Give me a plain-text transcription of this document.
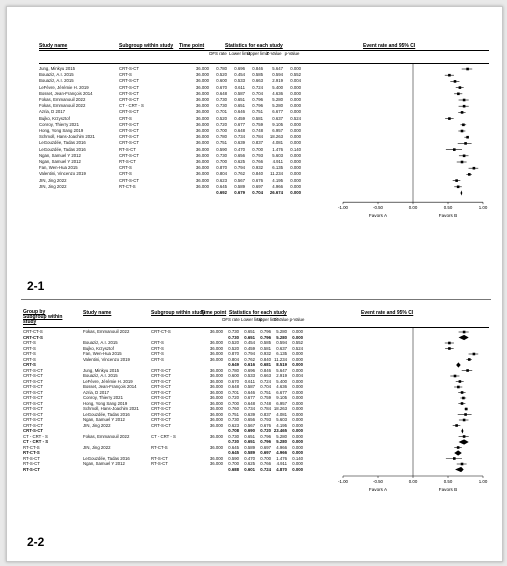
Study name	Subgroup within study Time point	Statistics for each study	Event rate and 95% CI
DFS rate Lower limit
Upper limit
Z-Value p-Value
Jung, Minkyu 2015	CRT-S-CT	36.000	0.780	0.696	0.846	5.647	0.000
Bouaziz, A.I. 2015	CRT-S	36.000	0.520	0.454	0.585	0.594	0.552
Bouaziz, A.I. 2015	CRT-S-CT	36.000	0.600	0.533	0.663	2.919	0.004
LeFèvre, Jérémie H. 2019	CRT-S-CT	36.000	0.670	0.611	0.724	5.400	0.000
Bosset, Jean-François 2014	CRT-S-CT	36.000	0.648	0.587	0.704	4.636	0.000
Fokas, Emmanouil 2022	CRT-S-CT	36.000	0.730	0.651	0.796	5.280	0.000
Fokas, Emmanouil 2022	CT - CRT - S	36.000	0.730	0.651	0.796	5.280	0.000
Azria, D 2017	CRT-S-CT	36.000	0.701	0.646	0.751	6.677	0.000
Bujko, Krzysztof	CRT-S	36.000	0.520	0.459	0.581	0.637	0.524
Conroy, Thierry 2021	CRT-S-CT	36.000	0.720	0.677	0.759	9.105	0.000
Hong, Yong Sang 2019	CRT-S-CT	36.000	0.700	0.648	0.748	6.957	0.000
Schmoll, Hans-Joachim 2021	CRT-S-CT	36.000	0.780	0.734	0.784	18.263	0.000
LeGouzdée, Tadas 2016	CRT-S-CT	36.000	0.751	0.639	0.837	4.081	0.000
LeGouzdée, Tadas 2016	RT-S-CT	36.000	0.590	0.470	0.700	1.476	0.140
Ngan, Samuel Y 2012	CRT-S-CT	36.000	0.730	0.656	0.793	5.603	0.000
Ngan, Samuel Y 2012	RT-S-CT	36.000	0.700	0.625	0.766	4.911	0.000
Fan, Wen-Hua 2015	CRT-S	36.000	0.870	0.794	0.932	6.135	0.000
Valentini, Vincenzo 2019	CRT-S	36.000	0.804	0.762	0.840	11.234	0.000
JIN, Jing 2022	CRT-S-CT	36.000	0.623	0.567	0.676	4.195	0.000
JIN, Jing 2022	RT-CT-S	36.000	0.645	0.589	0.697	4.966	0.000
0.692	0.679	0.704	26.674	0.000
-1.00	-0.50	0.00	0.50	1.00
Favors A	Favors B
2-1
Group by Subgroup within study
Study name	Subgroup within study
Time point Statistics for each study	Event rate and 95% CI
DFS rate Lower limit
Upper limit
Z-Value p-Value
CRT-CT-S	Fokas, Emmanouil 2022	CRT-CT-S	36.000	0.730	0.651	0.796	5.280	0.000
CRT-CT-S	0.730	0.651	0.796	5.280	0.000
CRT-S	Bouaziz, A.I. 2015	CRT-S	36.000	0.520	0.454	0.585	0.594	0.552
CRT-S	Bujko, Krzysztof	CRT-S	36.000	0.520	0.459	0.581	0.637	0.524
CRT-S	Fan, Wen-Hua 2015	CRT-S	36.000	0.870	0.794	0.932	6.135	0.000
CRT-S	Valentini, Vincenzo 2019	CRT-S	36.000	0.804	0.762	0.840 11.234	0.000
CRT-S	0.649	0.616	0.681	8.519	0.000
CRT-S-CT	Jung, Minkyu 2015	CRT-S-CT	36.000	0.780	0.696	0.846	5.647	0.000
CRT-S-CT	Bouaziz, A.I. 2015	CRT-S-CT	36.000	0.600	0.533	0.663	2.919	0.004
CRT-S-CT	LeFèvre, Jérémie H. 2019	CRT-S-CT	36.000	0.670	0.611	0.724	5.400	0.000
CRT-S-CT	Bosset, Jean-François 2014	CRT-S-CT	36.000	0.648	0.587	0.704	4.636	0.000
CRT-S-CT	Azria, D 2017	CRT-S-CT	36.000	0.701	0.646	0.751	6.677	0.000
CRT-S-CT	Conroy, Thierry 2021	CRT-S-CT	36.000	0.720	0.677	0.759	9.105	0.000
CRT-S-CT	Hong, Yong Sang 2019	CRT-S-CT	36.000	0.700	0.648	0.748	6.957	0.000
CRT-S-CT	Schmoll, Hans-Joachim 2021	CRT-S-CT	36.000	0.760	0.734	0.784 18.263	0.000
CRT-S-CT	LeGouzdée, Tadas 2016	CRT-S-CT	36.000	0.751	0.639	0.837	4.081	0.000
CRT-S-CT	Ngan, Samuel Y 2012	CRT-S-CT	36.000	0.730	0.656	0.793	5.603	0.000
CRT-S-CT	JIN, Jing 2022	CRT-S-CT	36.000	0.623	0.567	0.676	4.195	0.000
CRT-S-CT	0.708	0.690	0.720 23.465	0.000
CT - CRT - S	Fokas, Emmanouil 2022	CT - CRT - S	36.000	0.730	0.651	0.796	5.280	0.000
CT - CRT - S	0.730	0.651	0.796	5.280	0.000
RT-CT-S	JIN, Jing 2022	RT-CT-S	36.000	0.645	0.589	0.697	4.966	0.000
RT-CT-S	0.645	0.589	0.697	4.966	0.000
RT-S-CT	LeGouzdée, Tadas 2016	RT-S-CT	36.000	0.590	0.470	0.700	1.476	0.140
RT-S-CT	Ngan, Samuel Y 2012	RT-S-CT	36.000	0.700	0.625	0.766	4.911	0.000
RT-S-CT	0.688	0.601	0.724	4.870	0.000
-1.00	-0.50	0.00	0.50	1.00
Favors A	Favors B
2-2
